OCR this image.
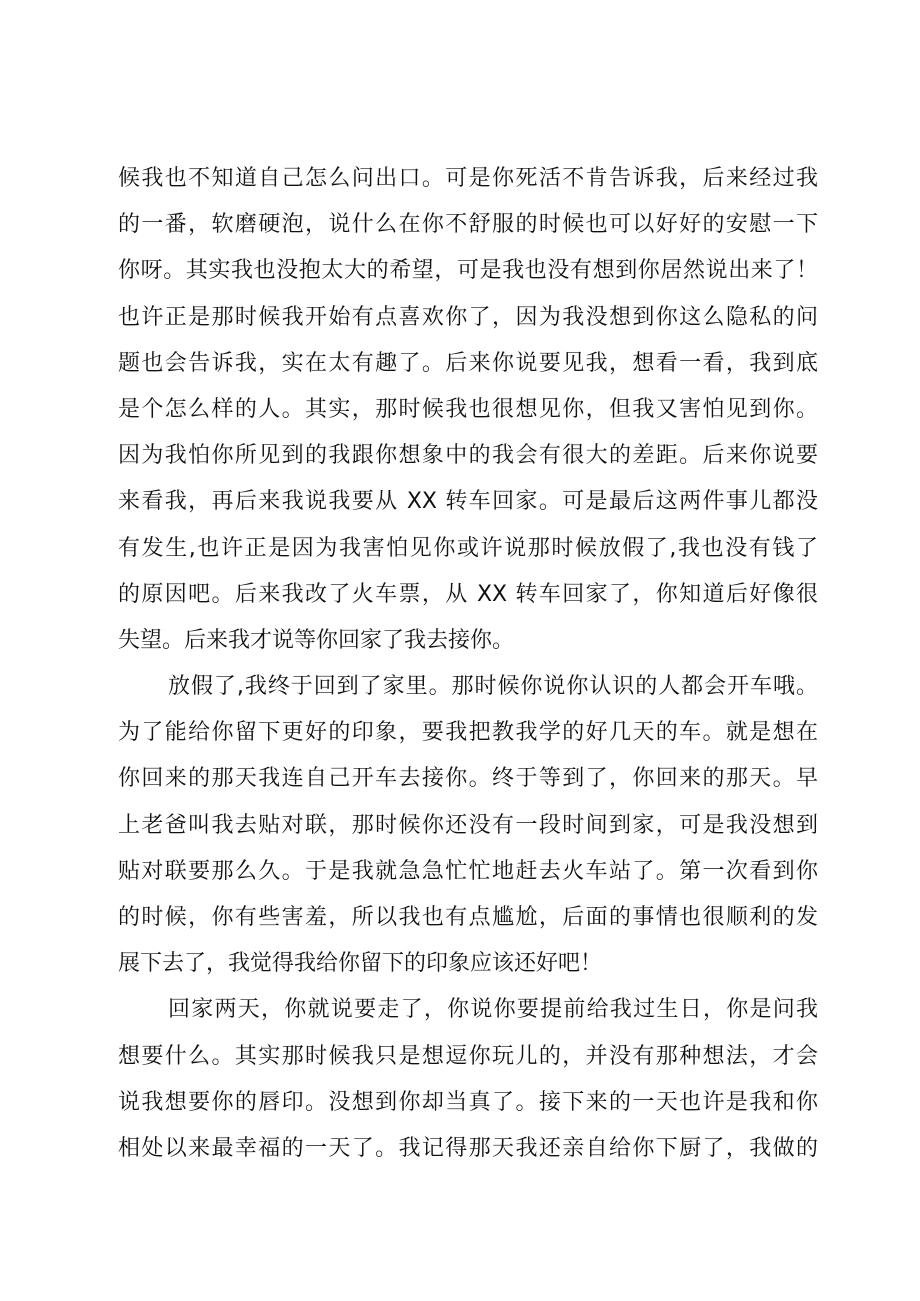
候我也不知道自己怎么问出口。可是你死活不肯告诉我，后来经过我
的一番，软磨硬泡，说什么在你不舒服的时候也可以好好的安慰一下
你呀。其实我也没抱太大的希望，可是我也没有想到你居然说出来了！
也许正是那时候我开始有点喜欢你了，因为我没想到你这么隐私的问
题也会告诉我，实在太有趣了。后来你说要见我，想看一看，我到底
是个怎么样的人。其实，那时候我也很想见你，但我又害怕见到你。
因为我怕你所见到的我跟你想象中的我会有很大的差距。后来你说要
来看我，再后来我说我要从 XX 转车回家。可是最后这两件事儿都没
有发生,也许正是因为我害怕见你或许说那时候放假了,我也没有钱了
的原因吧。后来我改了火车票，从 XX 转车回家了，你知道后好像很
失望。后来我才说等你回家了我去接你。
放假了,我终于回到了家里。那时候你说你认识的人都会开车哦。
为了能给你留下更好的印象，要我把教我学的好几天的车。就是想在
你回来的那天我连自己开车去接你。终于等到了，你回来的那天。早
上老爸叫我去贴对联，那时候你还没有一段时间到家，可是我没想到
贴对联要那么久。于是我就急急忙忙地赶去火车站了。第一次看到你
的时候，你有些害羞，所以我也有点尴尬，后面的事情也很顺利的发
展下去了，我觉得我给你留下的印象应该还好吧！
回家两天，你就说要走了，你说你要提前给我过生日，你是问我
想要什么。其实那时候我只是想逗你玩儿的，并没有那种想法，才会
说我想要你的唇印。没想到你却当真了。接下来的一天也许是我和你
相处以来最幸福的一天了。我记得那天我还亲自给你下厨了，我做的
